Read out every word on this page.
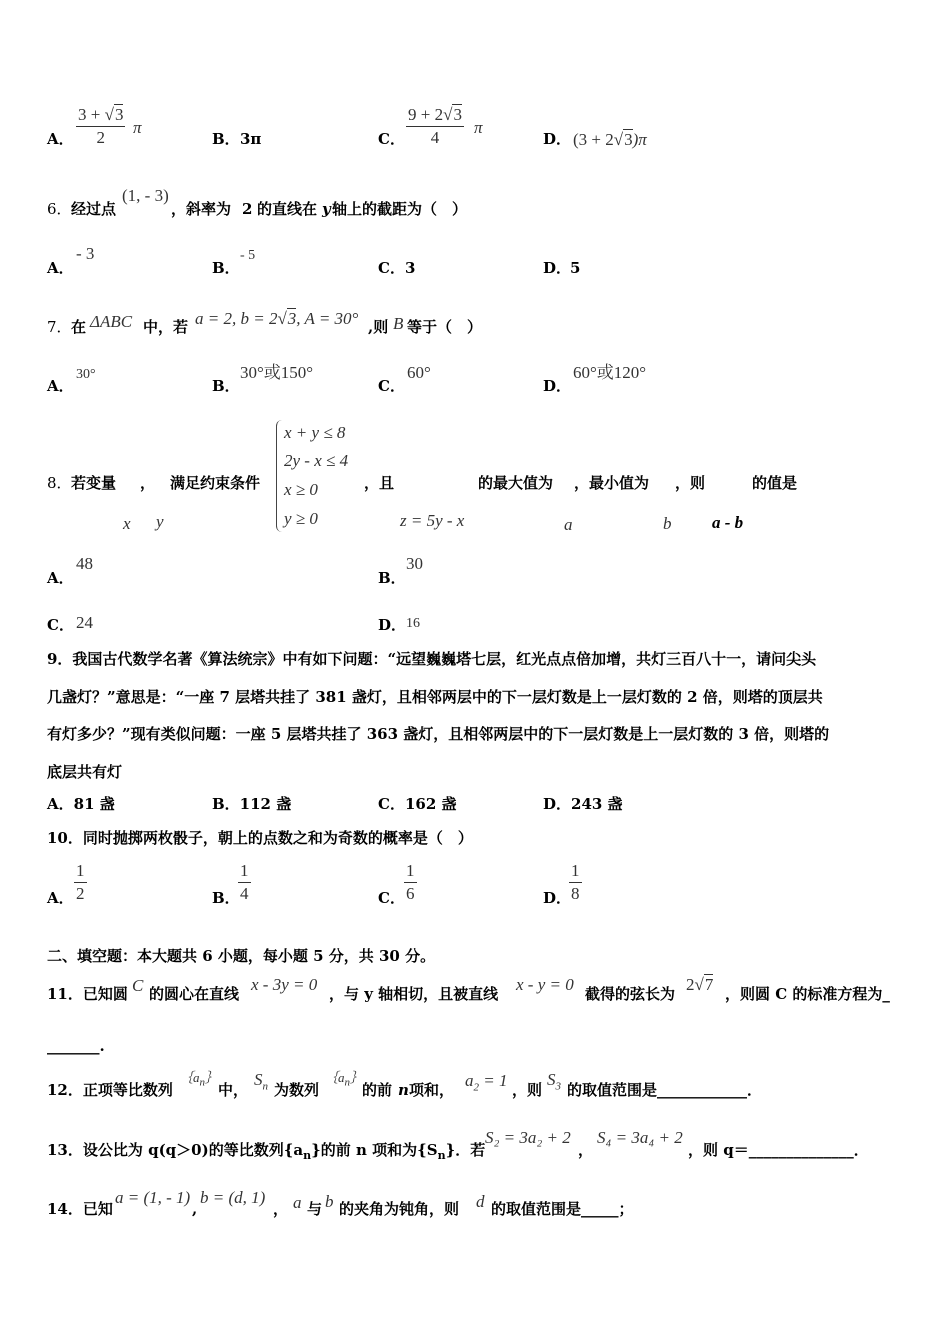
A． $\frac{3 + √3}{2}$ π
B． 3π	C． $\frac{9 + 2√3}{4}$ π
D． (3 + 2√3)π
6． 经过点
(1, - 3)
，斜率为 2 的直线在 y 轴上的截距为（　）
A．
- 3
B．
- 5
C． 3	D．
5
7． 在 ΔABC 中，若 a = 2, b = 2√3, A = 30° ,则 B 等于（　）
A．
30°
B．
30°或150°
C．
60°
D．
60°或120°
8． 若变量 ， 满足约束条件
x + y ≤ 8
2y - x ≤ 4
x ≥ 0
y ≥ 0
，且	的最大值为 ，最小值为 ，则	的值是
x y	z = 5y - x	a	b a - b
A．
48
B．
30
C． 24	D． 16
9．我国古代数学名著《算法统宗》中有如下问题：“远望巍巍塔七层，红光点点倍加增，共灯三百八十一，请问尖头
几盏灯？”意思是：“一座 7 层塔共挂了 381 盏灯，且相邻两层中的下一层灯数是上一层灯数的 2 倍，则塔的顶层共
有灯多少？”现有类似问题：一座 5 层塔共挂了 363 盏灯，且相邻两层中的下一层灯数是上一层灯数的 3 倍，则塔的
底层共有灯
A．81 盏	B．112 盏	C．162 盏	D．243 盏
10．同时抛掷两枚骰子，朝上的点数之和为奇数的概率是（　）
A． $\frac{1}{2}$	B．
$\frac{1}{4}$	C． $\frac{1}{6}$	D．
$\frac{1}{8}$
二、填空题：本大题共 6 小题，每小题 5 分，共 30 分。
11．已知圆 C 的圆心在直线 x - 3y = 0 ，与 y 轴相切，且被直线 x - y = 0 截得的弦长为 2√7 ，则圆 C 的标准方程为_
_______.
12．正项等比数列
$\{a_n\}$
中，
$S_n$ 为数列
$\{a_n\}$
的前 n 项和， $a_2 = 1$ ，则
$S_3$ 的取值范围是____________．
13．设公比为 q(q＞0)的等比数列$\{a_n\}$的前 n 项和为$\{S_n\}$．若
S₂ = 3a₂ + 2
，
S₄ = 3a₄ + 2
，则 q＝______________．
14．已知
a = (1, - 1)
,
b = (d, 1)
， a 与 b 的夹角为钝角，则 d 的取值范围是_____；
